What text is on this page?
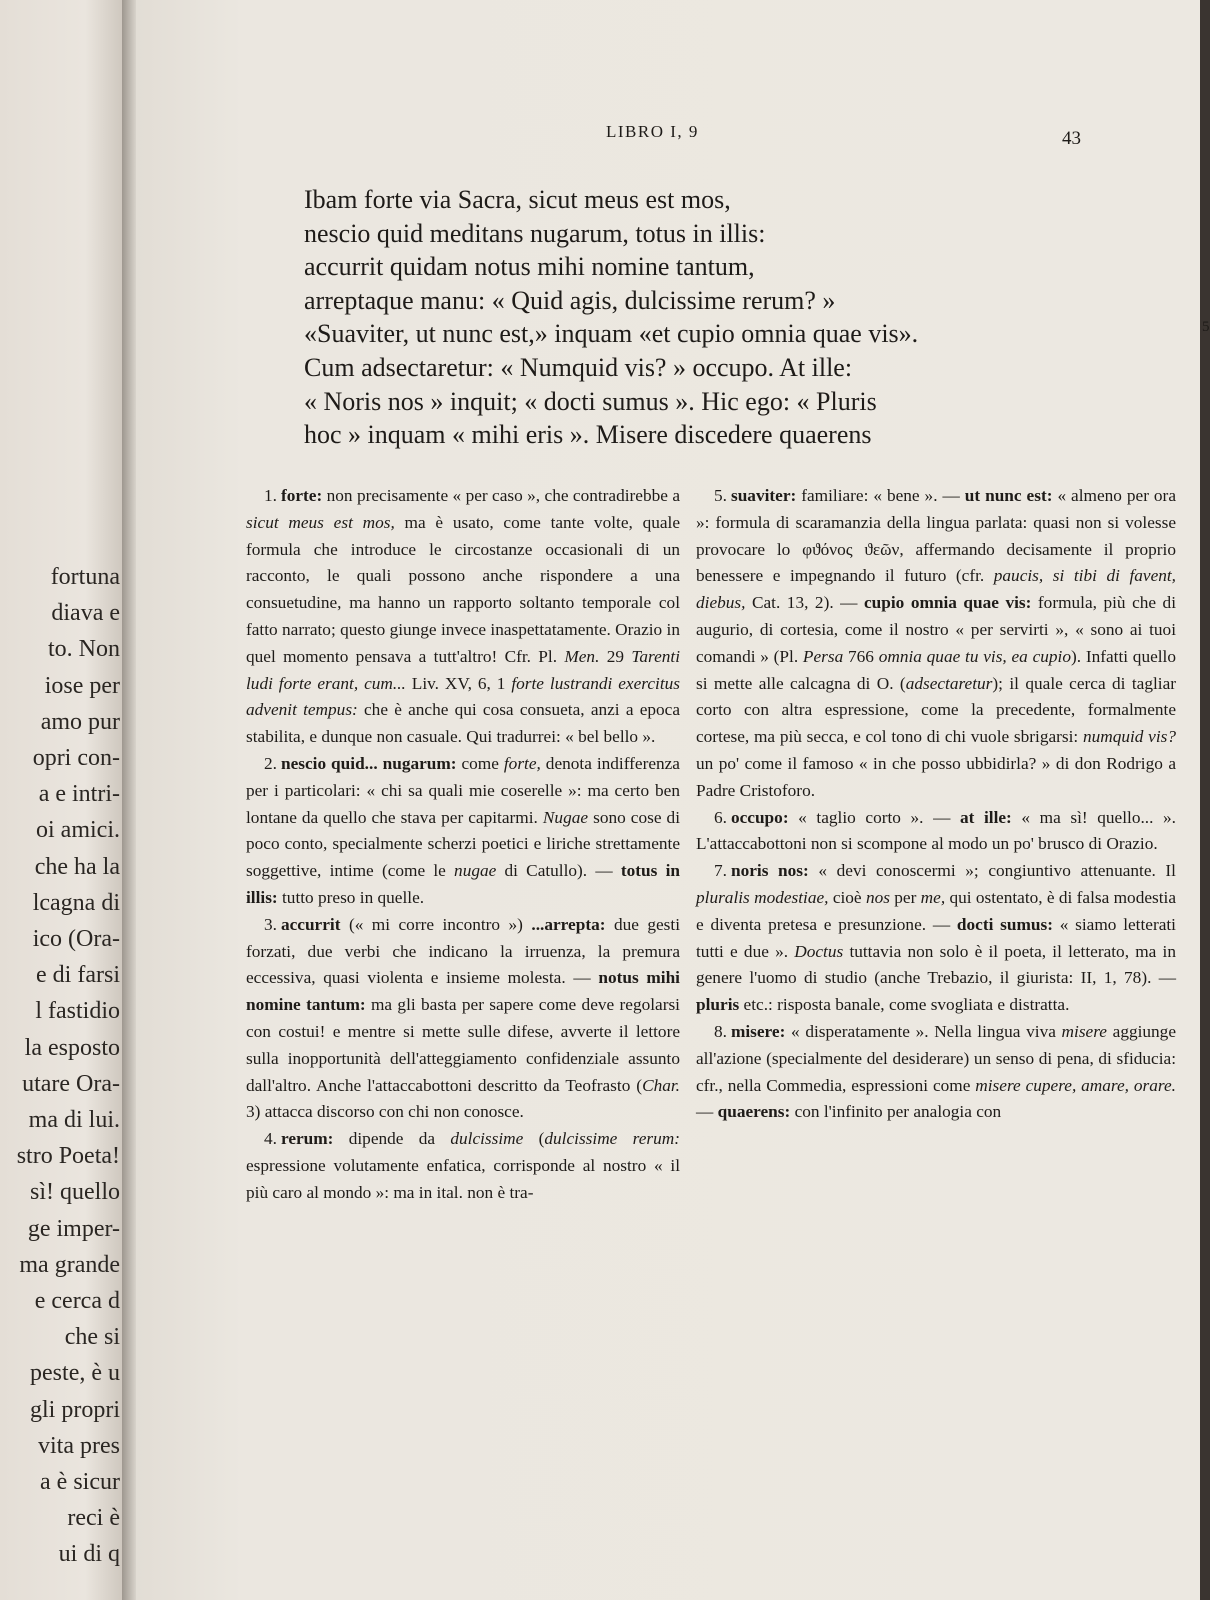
fortuna
diava e
to. Non
iose per
amo pur
opri con-
a e intri-
oi amici.
che ha la
lcagna di
ico (Ora-
e di farsi
l fastidio
la esposto
utare Ora-
ma di lui.
stro Poeta!
sì! quello
ge imper-
ma grande
e cerca d
che si
peste, è u
gli propri
vita pres
a è sicur
reci è
ui di q
LIBRO I, 9	43
Ibam forte via Sacra, sicut meus est mos,
nescio quid meditans nugarum, totus in illis:
accurrit quidam notus mihi nomine tantum,
arreptaque manu: « Quid agis, dulcissime rerum? »
«Suaviter, ut nunc est,» inquam «et cupio omnia quae vis».	5
Cum adsectaretur: « Numquid vis? » occupo. At ille:
« Noris nos » inquit; « docti sumus ». Hic ego: « Pluris
hoc » inquam « mihi eris ». Misere discedere quaerens

1. forte: non precisamente « per caso », che contradirebbe a sicut meus est mos, ma è usato, come tante volte, quale formula che introduce le circostanze occasionali di un racconto, le quali possono anche rispondere a una consuetudine, ma hanno un rapporto soltanto temporale col fatto narrato; questo giunge invece inaspettatamente. Orazio in quel momento pensava a tutt'altro! Cfr. Pl. Men. 29 Tarenti ludi forte erant, cum... Liv. XV, 6, 1 forte lustrandi exercitus advenit tempus: che è anche qui cosa consueta, anzi a epoca stabilita, e dunque non casuale. Qui tradurrei: « bel bello ».

2. nescio quid... nugarum: come forte, denota indifferenza per i particolari: « chi sa quali mie coserelle »: ma certo ben lontane da quello che stava per capitarmi. Nugae sono cose di poco conto, specialmente scherzi poetici e liriche strettamente soggettive, intime (come le nugae di Catullo). — totus in illis: tutto preso in quelle.

3. accurrit (« mi corre incontro ») ...arrepta: due gesti forzati, due verbi che indicano la irruenza, la premura eccessiva, quasi violenta e insieme molesta. — notus mihi nomine tantum: ma gli basta per sapere come deve regolarsi con costui! e mentre si mette sulle difese, avverte il lettore sulla inopportunità dell'atteggiamento confidenziale assunto dall'altro. Anche l'attaccabottoni descritto da Teofrasto (Char. 3) attacca discorso con chi non conosce.

4. rerum: dipende da dulcissime (dulcissime rerum: espressione volutamente enfatica, corrisponde al nostro « il più caro al mondo »: ma in ital. non è tra-

5. suaviter: familiare: « bene ». — ut nunc est: « almeno per ora »: formula di scaramanzia della lingua parlata: quasi non si volesse provocare lo φϑόνος ϑεῶν, affermando decisamente il proprio benessere e impegnando il futuro (cfr. paucis, si tibi di favent, diebus, Cat. 13, 2). — cupio omnia quae vis: formula, più che di augurio, di cortesia, come il nostro « per servirti », « sono ai tuoi comandi » (Pl. Persa 766 omnia quae tu vis, ea cupio). Infatti quello si mette alle calcagna di O. (adsectaretur); il quale cerca di tagliar corto con altra espressione, come la precedente, formalmente cortese, ma più secca, e col tono di chi vuole sbrigarsi: numquid vis? un po' come il famoso « in che posso ubbidirla? » di don Rodrigo a Padre Cristoforo.

6. occupo: « taglio corto ». — at ille: « ma sì! quello... ». L'attaccabottoni non si scompone al modo un po' brusco di Orazio.

7. noris nos: « devi conoscermi »; congiuntivo attenuante. Il pluralis modestiae, cioè nos per me, qui ostentato, è di falsa modestia e diventa pretesa e presunzione. — docti sumus: « siamo letterati tutti e due ». Doctus tuttavia non solo è il poeta, il letterato, ma in genere l'uomo di studio (anche Trebazio, il giurista: II, 1, 78). — pluris etc.: risposta banale, come svogliata e distratta.

8. misere: « disperatamente ». Nella lingua viva misere aggiunge all'azione (specialmente del desiderare) un senso di pena, di sfiducia: cfr., nella Commedia, espressioni come misere cupere, amare, orare. — quaerens: con l'infinito per analogia con
